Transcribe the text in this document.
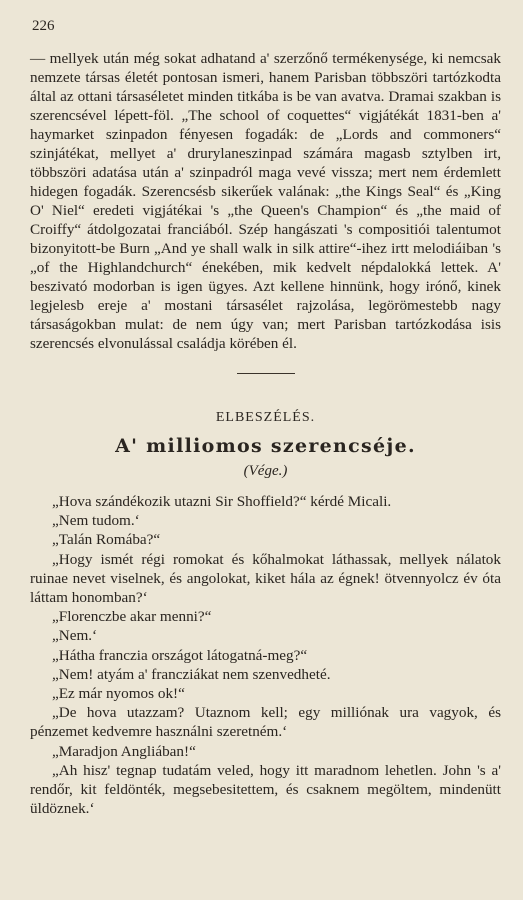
226

— mellyek után még sokat adhatand a' szerzőnő termékenysége, ki nemcsak nemzete társas életét pontosan ismeri, hanem Parisban többszöri tartózkodta által az ottani társaséletet minden titkába is be van avatva. Dramai szakban is szerencsével lépett-föl. „The school of coquettes“ vigjátékát 1831-ben a' haymarket szinpadon fényesen fogadák: de „Lords and commoners“ szinjátékat, mellyet a' drurylaneszinpad számára magasb sztylben irt, többszöri adatása után a' szinpadról maga vevé vissza; mert nem érdemlett hidegen fogadák. Szerencsésb sikerűek valának: „the Kings Seal“ és „King O' Niel“ eredeti vigjátékai 's „the Queen's Champion“ és „the maid of Croiffy“ átdolgozatai franciából. Szép hangászati 's compositiói talentumot bizonyitott-be Burn „And ye shall walk in silk attire“-ihez irtt melodiáiban 's „of the Highlandchurch“ énekében, mik kedvelt népdalokká lettek. A' beszivató modorban is igen ügyes. Azt kellene hinnünk, hogy irónő, kinek legjelesb ereje a' mostani társasélet rajzolása, legörömestebb nagy társaságokban mulat: de nem úgy van; mert Parisban tartózkodása isis szerencsés elvonulással családja körében él.

ELBESZÉLÉS.
A' milliomos szerencséje.
(Vége.)

„Hova szándékozik utazni Sir Shoffield?“ kérdé Micali.

„Nem tudom.‘

„Talán Romába?“

„Hogy ismét régi romokat és kőhalmokat láthassak, mellyek nálatok ruinae nevet viselnek, és angolokat, kiket hála az égnek! ötvennyolcz év óta láttam honomban?‘

„Florenczbe akar menni?“

„Nem.‘

„Hátha franczia országot látogatná-meg?“

„Nem! atyám a' francziákat nem szenvedheté.

„Ez már nyomos ok!“

„De hova utazzam? Utaznom kell; egy milliónak ura vagyok, és pénzemet kedvemre használni szeretném.‘

„Maradjon Angliában!“

„Ah hisz' tegnap tudatám veled, hogy itt maradnom lehetlen. John 's a' rendőr, kit feldönték, megsebesitettem, és csaknem megöltem, mindenütt üldöznek.‘
